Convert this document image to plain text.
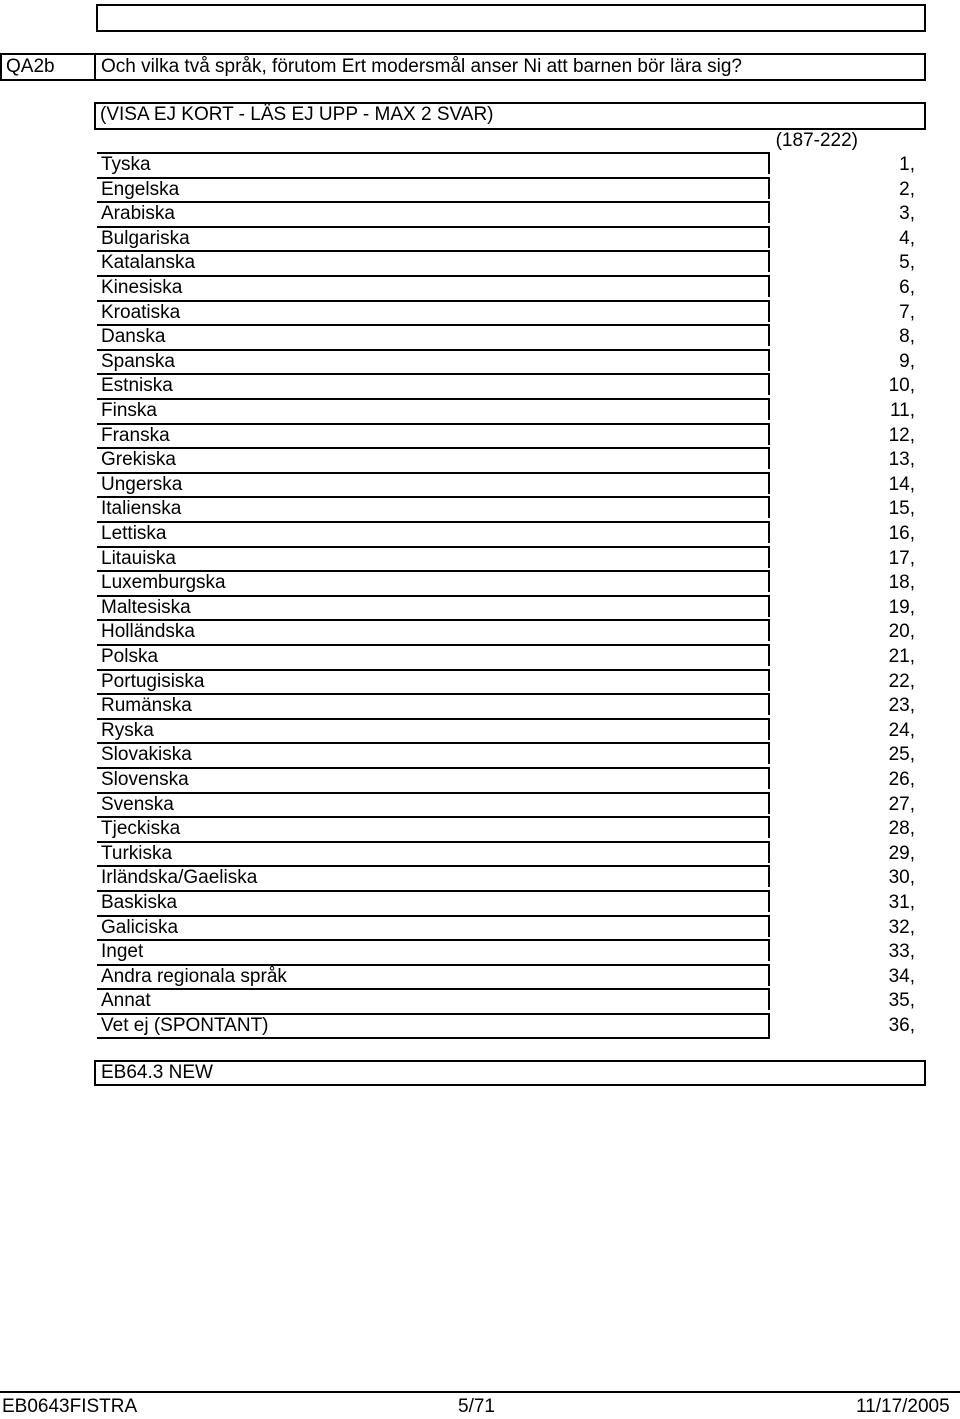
QA2b Och vilka två språk, förutom Ert modersmål anser Ni att barnen bör lära sig?
(VISA EJ KORT - LÄS EJ UPP - MAX 2 SVAR)
(187-222)
Tyska	1,
Engelska	2,
Arabiska	3,
Bulgariska	4,
Katalanska	5,
Kinesiska	6,
Kroatiska	7,
Danska	8,
Spanska	9,
Estniska	10,
Finska	11,
Franska	12,
Grekiska	13,
Ungerska	14,
Italienska	15,
Lettiska	16,
Litauiska	17,
Luxemburgska	18,
Maltesiska	19,
Holländska	20,
Polska	21,
Portugisiska	22,
Rumänska	23,
Ryska	24,
Slovakiska	25,
Slovenska	26,
Svenska	27,
Tjeckiska	28,
Turkiska	29,
Irländska/Gaeliska	30,
Baskiska	31,
Galiciska	32,
Inget	33,
Andra regionala språk	34,
Annat	35,
Vet ej (SPONTANT)	36,
EB64.3 NEW
EB0643FISTRA	5/71	11/17/2005
